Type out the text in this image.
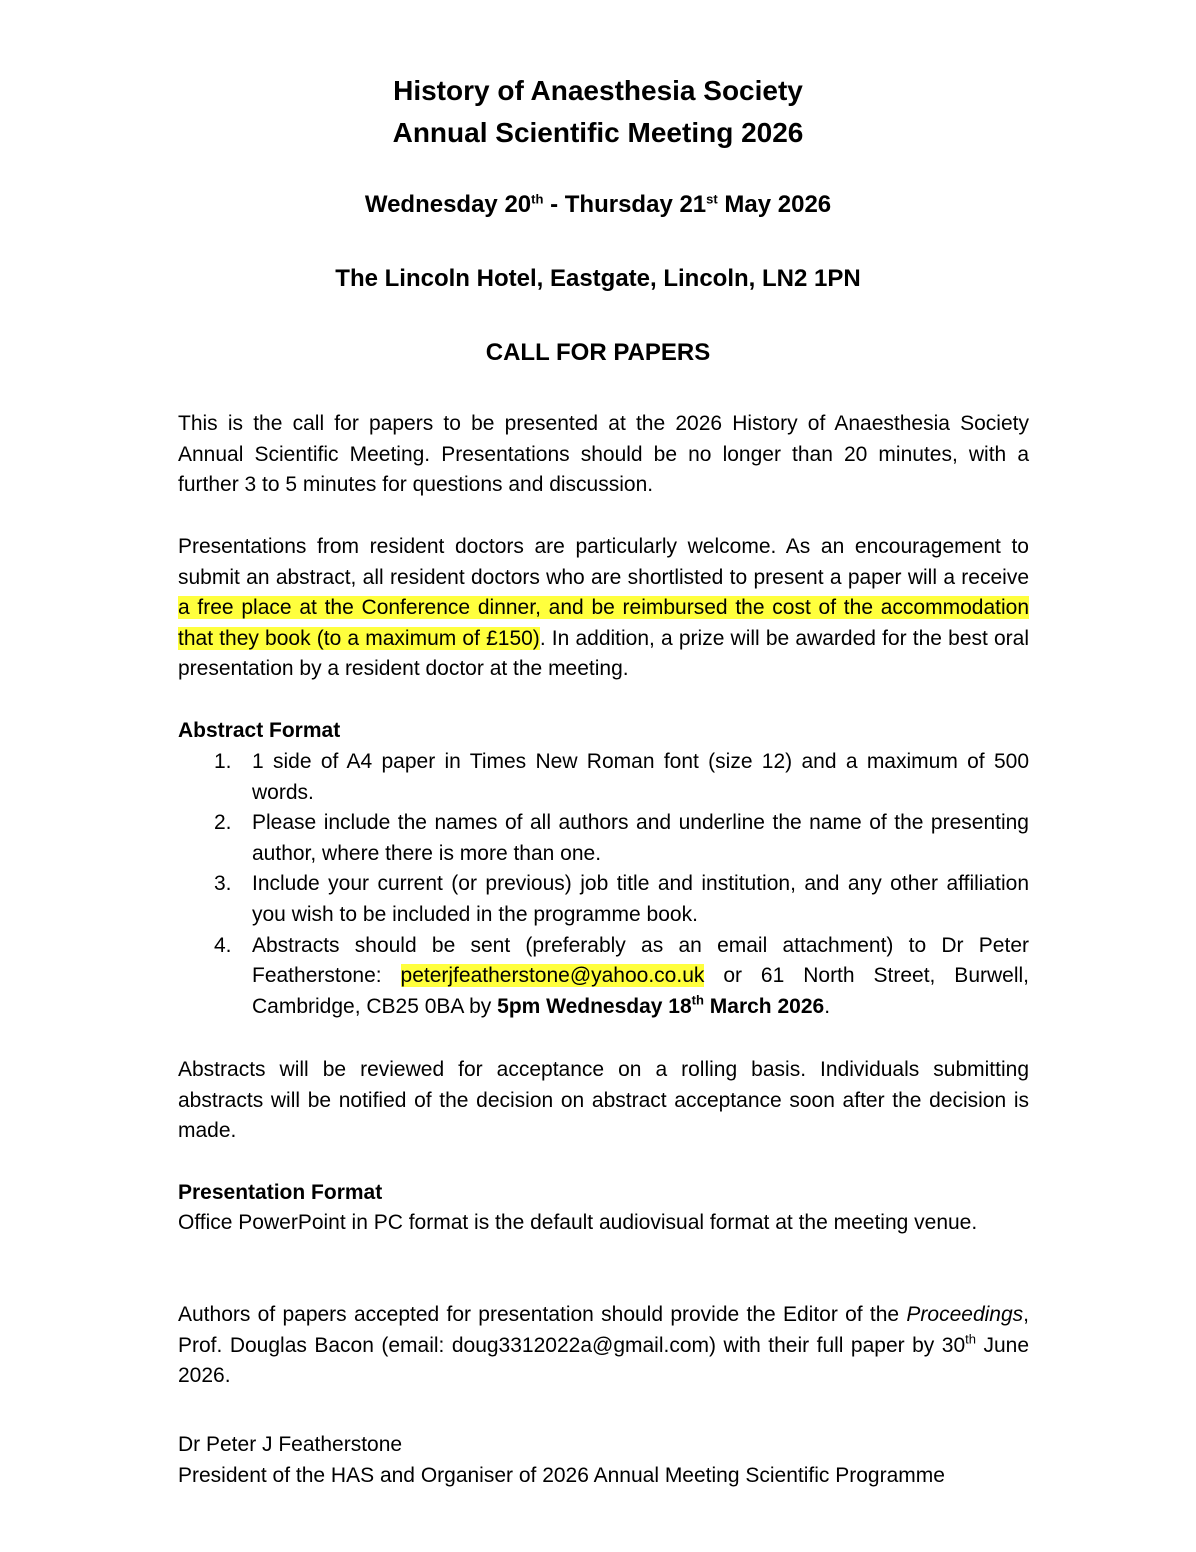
History of Anaesthesia Society
Annual Scientific Meeting 2026
Wednesday 20th - Thursday 21st May 2026
The Lincoln Hotel, Eastgate, Lincoln, LN2 1PN
CALL FOR PAPERS

This is the call for papers to be presented at the 2026 History of Anaesthesia Society Annual Scientific Meeting. Presentations should be no longer than 20 minutes, with a further 3 to 5 minutes for questions and discussion.

Presentations from resident doctors are particularly welcome. As an encouragement to submit an abstract, all resident doctors who are shortlisted to present a paper will a receive a free place at the Conference dinner, and be reimbursed the cost of the accommodation that they book (to a maximum of £150). In addition, a prize will be awarded for the best oral presentation by a resident doctor at the meeting.

Abstract Format
1. 1 side of A4 paper in Times New Roman font (size 12) and a maximum of 500 words.
2. Please include the names of all authors and underline the name of the presenting author, where there is more than one.
3. Include your current (or previous) job title and institution, and any other affiliation you wish to be included in the programme book.
4. Abstracts should be sent (preferably as an email attachment) to Dr Peter Featherstone: peterjfeatherstone@yahoo.co.uk or 61 North Street, Burwell, Cambridge, CB25 0BA by 5pm Wednesday 18th March 2026.

Abstracts will be reviewed for acceptance on a rolling basis. Individuals submitting abstracts will be notified of the decision on abstract acceptance soon after the decision is made.

Presentation Format

Office PowerPoint in PC format is the default audiovisual format at the meeting venue.

Authors of papers accepted for presentation should provide the Editor of the Proceedings, Prof. Douglas Bacon (email: doug3312022a@gmail.com) with their full paper by 30th June 2026.

Dr Peter J Featherstone
President of the HAS and Organiser of 2026 Annual Meeting Scientific Programme
